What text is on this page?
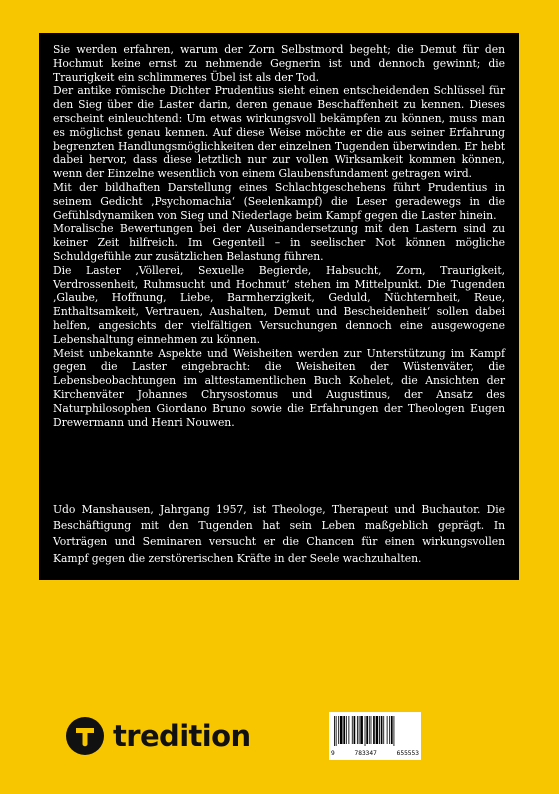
Sie werden erfahren, warum der Zorn Selbstmord begeht; die Demut für den Hochmut keine ernst zu nehmende Gegnerin ist und dennoch gewinnt; die Traurigkeit ein schlimmeres Übel ist als der Tod.

Der antike römische Dichter Prudentius sieht einen entscheidenden Schlüssel für den Sieg über die Laster darin, deren genaue Beschaffenheit zu kennen. Dieses erscheint einleuchtend: Um etwas wirkungsvoll bekämpfen zu können, muss man es möglichst genau kennen. Auf diese Weise möchte er die aus seiner Erfahrung begrenzten Handlungsmöglichkeiten der einzelnen Tugenden überwinden. Er hebt dabei hervor, dass diese letztlich nur zur vollen Wirksamkeit kommen können, wenn der Einzelne wesentlich von einem Glaubensfundament getragen wird.

Mit der bildhaften Darstellung eines Schlachtgeschehens führt Prudentius in seinem Gedicht ‚Psychomachia‘ (Seelenkampf) die Leser geradewegs in die Gefühlsdynamiken von Sieg und Niederlage beim Kampf gegen die Laster hinein.

Moralische Bewertungen bei der Auseinandersetzung mit den Lastern sind zu keiner Zeit hilfreich. Im Gegenteil – in seelischer Not können mögliche Schuldgefühle zur zusätzlichen Belastung führen.

Die Laster ‚Völlerei, Sexuelle Begierde, Habsucht, Zorn, Traurigkeit, Verdrossenheit, Ruhmsucht und Hochmut‘ stehen im Mittelpunkt. Die Tugenden ‚Glaube, Hoffnung, Liebe, Barmherzigkeit, Geduld, Nüchternheit, Reue, Enthaltsamkeit, Vertrauen, Aushalten, Demut und Bescheidenheit‘ sollen dabei helfen, angesichts der vielfältigen Versuchungen dennoch eine ausgewogene Lebenshaltung einnehmen zu können.

Meist unbekannte Aspekte und Weisheiten werden zur Unterstützung im Kampf gegen die Laster eingebracht: die Weisheiten der Wüstenväter, die Lebensbeobachtungen im alttestamentlichen Buch Kohelet, die Ansichten der Kirchenväter Johannes Chrysostomus und Augustinus, der Ansatz des Naturphilosophen Giordano Bruno sowie die Erfahrungen der Theologen Eugen Drewermann und Henri Nouwen.

Udo Manshausen, Jahrgang 1957, ist Theologe, Therapeut und Buchautor. Die Beschäftigung mit den Tugenden hat sein Leben maßgeblich geprägt. In Vorträgen und Seminaren versucht er die Chancen für einen wirkungsvollen Kampf gegen die zerstörerischen Kräfte in der Seele wachzuhalten.

tredition
9	783347	655553
